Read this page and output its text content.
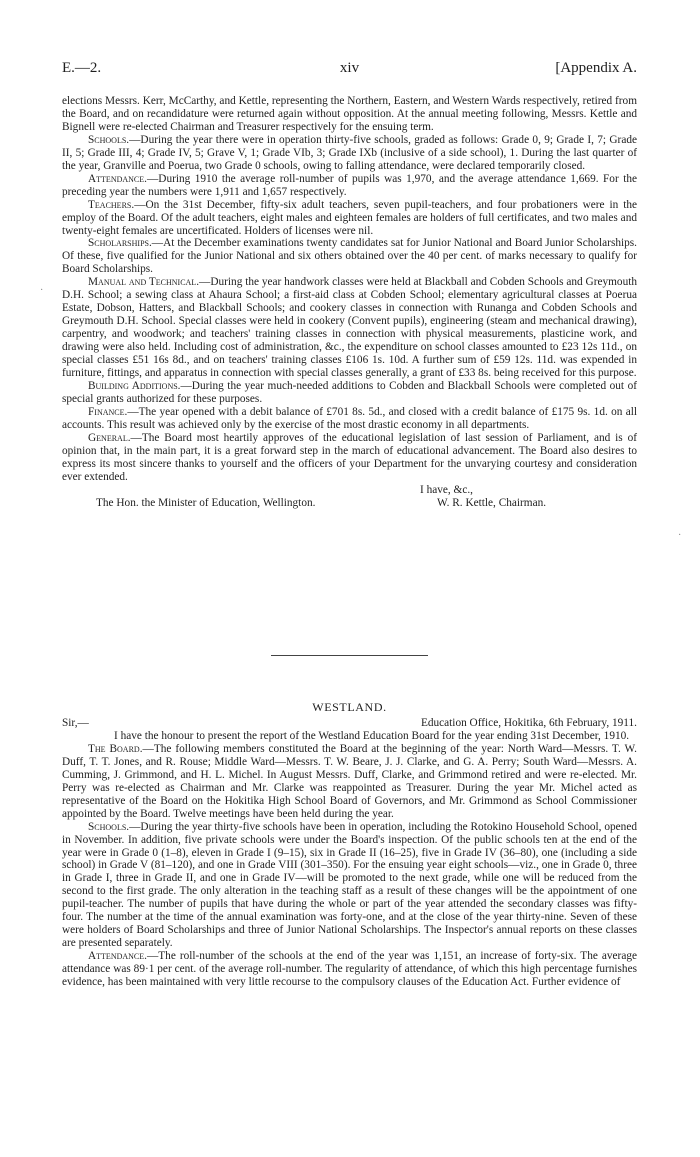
E.—2.	xiv	[Appendix A.
·
·

elections Messrs. Kerr, McCarthy, and Kettle, representing the Northern, Eastern, and Western Wards respectively, retired from the Board, and on recandidature were returned again without opposition. At the annual meeting following, Messrs. Kettle and Bignell were re-elected Chairman and Treasurer respectively for the ensuing term.

Schools.—During the year there were in operation thirty-five schools, graded as follows: Grade 0, 9; Grade I, 7; Grade II, 5; Grade III, 4; Grade IV, 5; Grave V, 1; Grade VIb, 3; Grade IXb (inclusive of a side school), 1. During the last quarter of the year, Granville and Poerua, two Grade 0 schools, owing to falling attendance, were declared temporarily closed.

Attendance.—During 1910 the average roll-number of pupils was 1,970, and the average attendance 1,669. For the preceding year the numbers were 1,911 and 1,657 respectively.

Teachers.—On the 31st December, fifty-six adult teachers, seven pupil-teachers, and four probationers were in the employ of the Board. Of the adult teachers, eight males and eighteen females are holders of full certificates, and two males and twenty-eight females are uncertificated. Holders of licenses were nil.

Scholarships.—At the December examinations twenty candidates sat for Junior National and Board Junior Scholarships. Of these, five qualified for the Junior National and six others obtained over the 40 per cent. of marks necessary to qualify for Board Scholarships.

Manual and Technical.—During the year handwork classes were held at Blackball and Cobden Schools and Greymouth D.H. School; a sewing class at Ahaura School; a first-aid class at Cobden School; elementary agricultural classes at Poerua Estate, Dobson, Hatters, and Blackball Schools; and cookery classes in connection with Runanga and Cobden Schools and Greymouth D.H. School. Special classes were held in cookery (Convent pupils), engineering (steam and mechanical drawing), carpentry, and woodwork; and teachers' training classes in connection with physical measurements, plasticine work, and drawing were also held. Including cost of administration, &c., the expenditure on school classes amounted to £23 12s 11d., on special classes £51 16s 8d., and on teachers' training classes £106 1s. 10d. A further sum of £59 12s. 11d. was expended in furniture, fittings, and apparatus in connection with special classes generally, a grant of £33 8s. being received for this purpose.

Building Additions.—During the year much-needed additions to Cobden and Blackball Schools were completed out of special grants authorized for these purposes.

Finance.—The year opened with a debit balance of £701 8s. 5d., and closed with a credit balance of £175 9s. 1d. on all accounts. This result was achieved only by the exercise of the most drastic economy in all departments.

General.—The Board most heartily approves of the educational legislation of last session of Parliament, and is of opinion that, in the main part, it is a great forward step in the march of educational advancement. The Board also desires to express its most sincere thanks to yourself and the officers of your Department for the unvarying courtesy and consideration ever extended.

I have, &c.,

The Hon. the Minister of Education, Wellington.	W. R. Kettle, Chairman.
WESTLAND.
Sir,—	Education Office, Hokitika, 6th February, 1911.

I have the honour to present the report of the Westland Education Board for the year ending 31st December, 1910.

The Board.—The following members constituted the Board at the beginning of the year: North Ward—Messrs. T. W. Duff, T. T. Jones, and R. Rouse; Middle Ward—Messrs. T. W. Beare, J. J. Clarke, and G. A. Perry; South Ward—Messrs. A. Cumming, J. Grimmond, and H. L. Michel. In August Messrs. Duff, Clarke, and Grimmond retired and were re-elected. Mr. Perry was re-elected as Chairman and Mr. Clarke was reappointed as Treasurer. During the year Mr. Michel acted as representative of the Board on the Hokitika High School Board of Governors, and Mr. Grimmond as School Commissioner appointed by the Board. Twelve meetings have been held during the year.

Schools.—During the year thirty-five schools have been in operation, including the Rotokino Household School, opened in November. In addition, five private schools were under the Board's inspection. Of the public schools ten at the end of the year were in Grade 0 (1–8), eleven in Grade I (9–15), six in Grade II (16–25), five in Grade IV (36–80), one (including a side school) in Grade V (81–120), and one in Grade VIII (301–350). For the ensuing year eight schools—viz., one in Grade 0, three in Grade I, three in Grade II, and one in Grade IV—will be promoted to the next grade, while one will be reduced from the second to the first grade. The only alteration in the teaching staff as a result of these changes will be the appointment of one pupil-teacher. The number of pupils that have during the whole or part of the year attended the secondary classes was fifty-four. The number at the time of the annual examination was forty-one, and at the close of the year thirty-nine. Seven of these were holders of Board Scholarships and three of Junior National Scholarships. The Inspector's annual reports on these classes are presented separately.

Attendance.—The roll-number of the schools at the end of the year was 1,151, an increase of forty-six. The average attendance was 89·1 per cent. of the average roll-number. The regularity of attendance, of which this high percentage furnishes evidence, has been maintained with very little recourse to the compulsory clauses of the Education Act. Further evidence of
